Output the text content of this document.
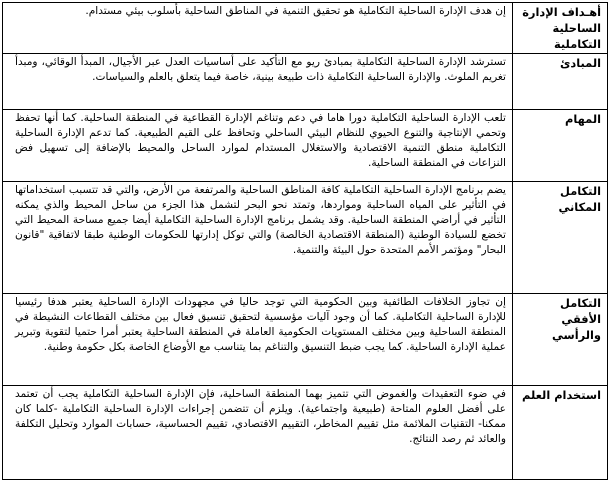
أهـداف الإدارة الساحلية التكاملية	إن هدف الإدارة الساحلية التكاملية هو تحقيق التنمية في المناطق الساحلية بأسلوب بيئي مستدام.
المبادئ	تسترشد الإدارة الساحلية التكاملية بمبادئ ريو مع التأكيد على أساسيات العدل عبر الأجيال، المبدأ الوقائي، ومبدأ تغريم الملوث. والإدارة الساحلية التكاملية ذات طبيعة بينية، خاصة فيما يتعلق بالعلم والسياسات.
المهام	تلعب الإدارة الساحلية التكاملية دورا هاما في دعم وتناغم الإدارة القطاعية في المنطقة الساحلية. كما أنها تحفظ وتحمي الإنتاجية والتنوع الحيوي للنظام البيئي الساحلي وتحافظ على القيم الطبيعية. كما تدعم الإدارة الساحلية التكاملية منطق التنمية الاقتصادية والاستغلال المستدام لموارد الساحل والمحيط بالإضافة إلى تسهيل فض النزاعات في المنطقة الساحلية.
التكامل المكاني	يضم برنامج الإدارة الساحلية التكاملية كافة المناطق الساحلية والمرتفعة من الأرض، والتي قد تتسبب استخداماتها في التأثير على المياه الساحلية ومواردها، وتمتد نحو البحر لتشمل هذا الجزء من ساحل المحيط والذي يمكنه التأثير في أراضي المنطقة الساحلية. وقد يشمل برنامج الإدارة الساحلية التكاملية أيضا جميع مساحة المحيط التي تخضع للسيادة الوطنية (المنطقة الاقتصادية الخالصة) والتي توكل إدارتها للحكومات الوطنية طبقا لاتفاقية "قانون البحار" ومؤتمر الأمم المتحدة حول البيئة والتنمية.
التكامل الأفقي والرأسي	إن تجاوز الخلافات الطائفية وبين الحكومية التي توجد حاليا في مجهودات الإدارة الساحلية يعتبر هدفا رئيسيا للإدارة الساحلية التكاملية. كما أن وجود آليات مؤسسية لتحقيق تنسيق فعال بين مختلف القطاعات النشيطة في المنطقة الساحلية وبين مختلف المستويات الحكومية العاملة في المنطقة الساحلية يعتبر أمرا حتميا لتقوية وتبرير عملية الإدارة الساحلية. كما يجب ضبط التنسيق والتناغم بما يتناسب مع الأوضاع الخاصة بكل حكومة وطنية.
استخدام العلم	في ضوء التعقيدات والغموض التي تتميز بهما المنطقة الساحلية، فإن الإدارة الساحلية التكاملية يجب أن تعتمد على أفضل العلوم المتاحة (طبيعية واجتماعية). ويلزم أن تتضمن إجراءات الإدارة الساحلية التكاملية -كلما كان ممكنا- التقنيات الملائمة مثل تقييم المخاطر، التقييم الاقتصادي، تقييم الحساسية، حسابات الموارد وتحليل التكلفة والعائد ثم رصد النتائج.
